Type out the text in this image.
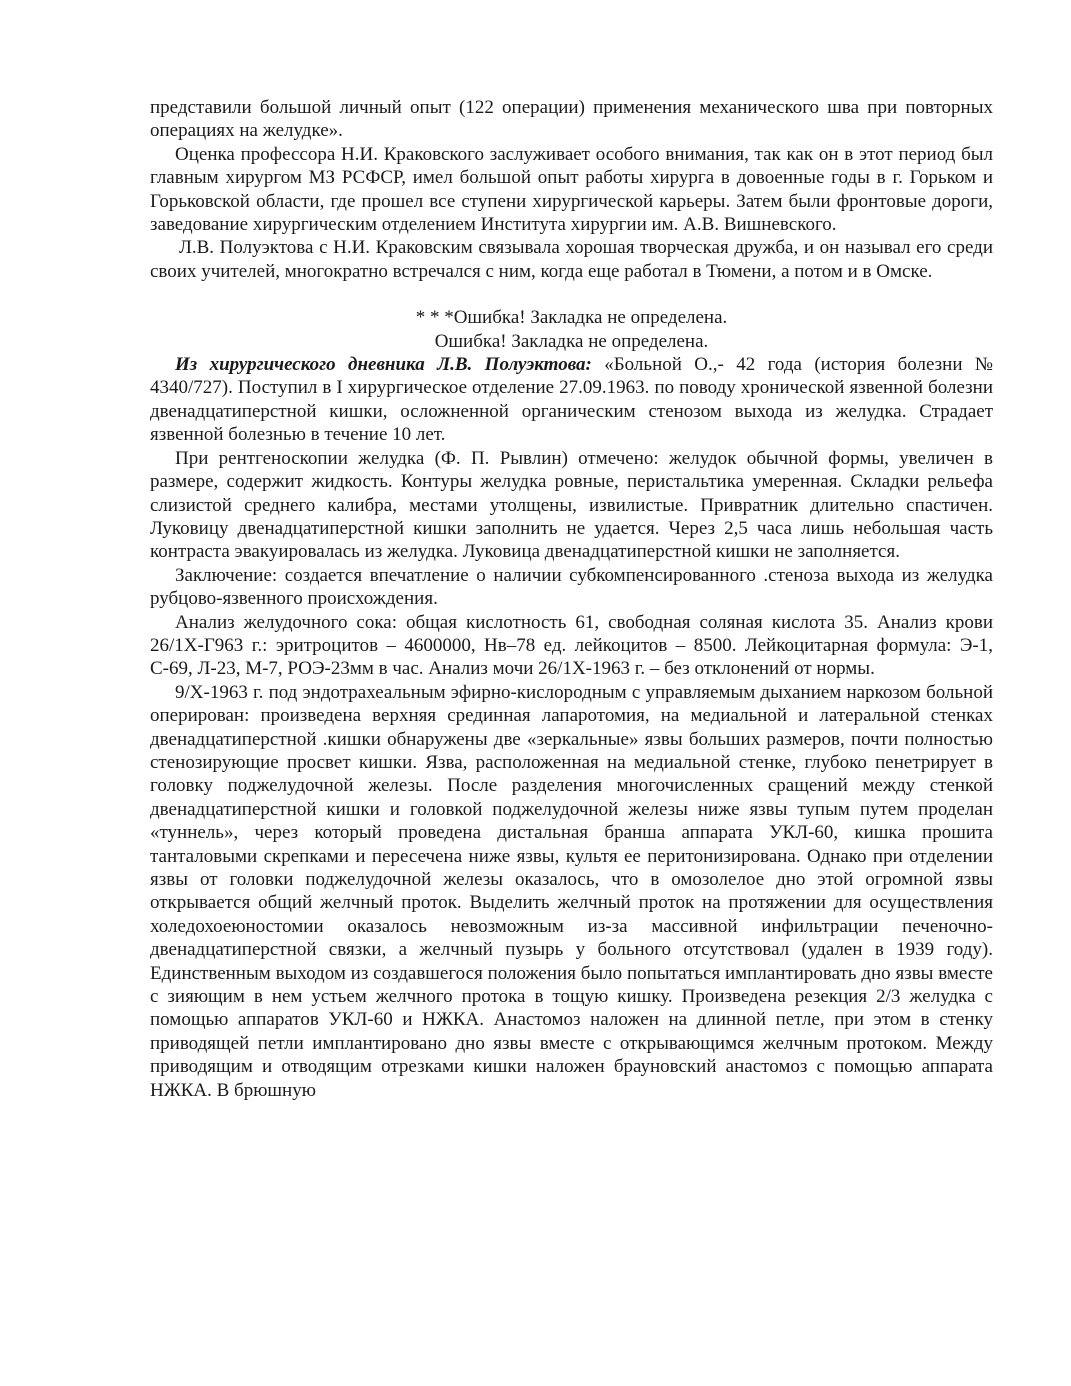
представили большой личный опыт (122 операции) применения механического шва при повторных операциях на желудке».

Оценка профессора Н.И. Краковского заслуживает особого внимания, так как он в этот период был главным хирургом МЗ РСФСР, имел большой опыт работы хирурга в довоенные годы в г. Горьком и Горьковской области, где прошел все ступени хирургической карьеры. Затем были фронтовые дороги, заведование хирургическим отделением Института хирургии им. А.В. Вишневского.

Л.В. Полуэктова с Н.И. Краковским связывала хорошая творческая дружба, и он называл его среди своих учителей, многократно встречался с ним, когда еще работал в Тюмени, а потом и в Омске.

* * *Ошибка! Закладка не определена.

Ошибка! Закладка не определена.

Из хирургического дневника Л.В. Полуэктова: «Больной О.,- 42 года (история болезни № 4340/727). Поступил в I хирургическое отделение 27.09.1963. по поводу хронической язвенной болезни двенадцатиперстной кишки, осложненной органическим стенозом выхода из желудка. Страдает язвенной болезнью в течение 10 лет.

При рентгеноскопии желудка (Ф. П. Рывлин) отмечено: желудок обычной формы, увеличен в размере, содержит жидкость. Контуры желудка ровные, перистальтика умеренная. Складки рельефа слизистой среднего калибра, местами утолщены, извилистые. Привратник длительно спастичен. Луковицу двенадцатиперстной кишки заполнить не удается. Через 2,5 часа лишь небольшая часть контраста эвакуировалась из желудка. Луковица двенадцатиперстной кишки не заполняется.

Заключение: создается впечатление о наличии субкомпенсированного .стеноза выхода из желудка рубцово-язвенного происхождения.

Анализ желудочного сока: общая кислотность 61, свободная соляная кислота 35. Анализ крови 26/1Х-Г963 г.: эритроцитов – 4600000, Нв–78 ед. лейкоцитов – 8500. Лейкоцитарная формула: Э-1, С-69, Л-23, М-7, РОЭ-23мм в час. Анализ мочи 26/1Х-1963 г. – без отклонений от нормы.

9/Х-1963 г. под эндотрахеальным эфирно-кислородным с управляемым дыханием наркозом больной оперирован: произведена верхняя срединная лапаротомия, на медиальной и латеральной стенках двенадцатиперстной .кишки обнаружены две «зеркальные» язвы больших размеров, почти полностью стенозирующие просвет кишки. Язва, расположенная на медиальной стенке, глубоко пенетрирует в головку поджелудочной железы. После разделения многочисленных сращений между стенкой двенадцатиперстной кишки и головкой поджелудочной железы ниже язвы тупым путем проделан «туннель», через который проведена дистальная бранша аппарата УКЛ-60, кишка прошита танталовыми скрепками и пересечена ниже язвы, культя ее перитонизирована. Однако при отделении язвы от головки поджелудочной железы оказалось, что в омозолелое дно этой огромной язвы открывается общий желчный проток. Выделить желчный проток на протяжении для осуществления холедохоеюностомии оказалось невозможным из-за массивной инфильтрации печеночно-двенадцатиперстной связки, а желчный пузырь у больного отсутствовал (удален в 1939 году). Единственным выходом из создавшегося положения было попытаться имплантировать дно язвы вместе с зияющим в нем устьем желчного протока в тощую кишку. Произведена резекция 2/3 желудка с помощью аппаратов УКЛ-60 и НЖКА. Анастомоз наложен на длинной петле, при этом в стенку приводящей петли имплантировано дно язвы вместе с открывающимся желчным протоком. Между приводящим и отводящим отрезками кишки наложен брауновский анастомоз с помощью аппарата НЖКА. В брюшную
